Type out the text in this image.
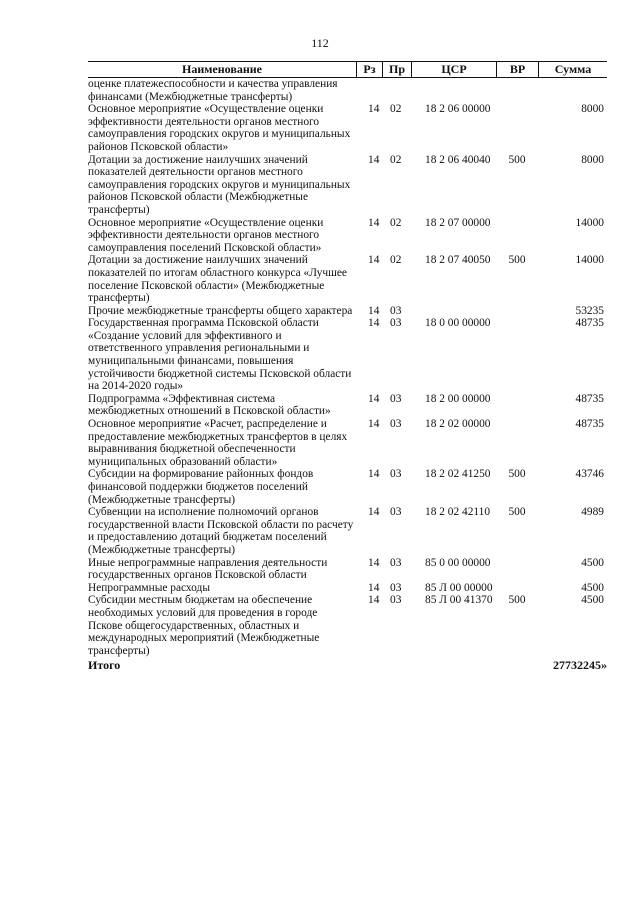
112
Наименование	Рз	Пр	ЦСР	ВР	Сумма
оценке платежеспособности и качества управления финансами (Межбюджетные трансферты)
Основное мероприятие «Осуществление оценки эффективности деятельности органов местного самоуправления городских округов и муниципальных районов Псковской области»
14 02	18 2 06 00000	8000
Дотации за достижение наилучших значений показателей деятельности органов местного самоуправления городских округов и муниципальных районов Псковской области (Межбюджетные трансферты)
14 02	18 2 06 40040	500	8000
Основное мероприятие «Осуществление оценки эффективности деятельности органов местного самоуправления поселений Псковской области»
14 02	18 2 07 00000	14000
Дотации за достижение наилучших значений показателей по итогам областного конкурса «Лучшее поселение Псковской области» (Межбюджетные трансферты)
14 02	18 2 07 40050	500	14000
Прочие межбюджетные трансферты общего характера	14 03	53235
Государственная программа Псковской области «Создание условий для эффективного и ответственного управления региональными и муниципальными финансами, повышения устойчивости бюджетной системы Псковской области на 2014-2020 годы»
14 03	18 0 00 00000	48735
Подпрограмма «Эффективная система межбюджетных отношений в Псковской области»
14 03	18 2 00 00000	48735
Основное мероприятие «Расчет, распределение и предоставление межбюджетных трансфертов в целях выравнивания бюджетной обеспеченности муниципальных образований области»
14 03	18 2 02 00000	48735
Субсидии на формирование районных фондов финансовой поддержки бюджетов поселений (Межбюджетные трансферты)
14 03	18 2 02 41250	500	43746
Субвенции на исполнение полномочий органов государственной власти Псковской области по расчету и предоставлению дотаций бюджетам поселений (Межбюджетные трансферты)
14 03	18 2 02 42110	500	4989
Иные непрограммные направления деятельности государственных органов Псковской области
14 03	85 0 00 00000	4500
Непрограммные расходы	14 03	85 Л 00 00000	4500
Субсидии местным бюджетам на обеспечение необходимых условий для проведения в городе Пскове общегосударственных, областных и международных мероприятий (Межбюджетные трансферты)
14 03	85 Л 00 41370	500	4500
Итого	27732245»
